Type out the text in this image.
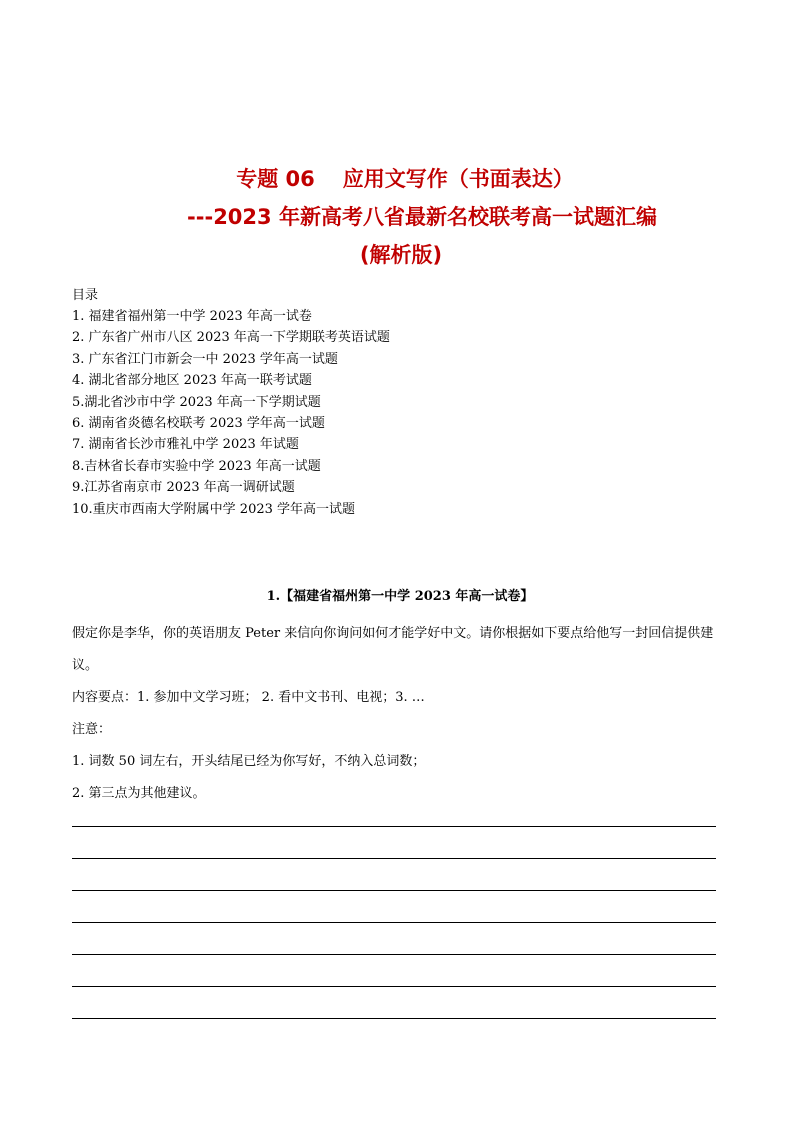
专题 06 应用文写作（书面表达）
---2023 年新高考八省最新名校联考高一试题汇编
(解析版)
目录
1. 福建省福州第一中学 2023 年高一试卷
2. 广东省广州市八区 2023 年高一下学期联考英语试题
3. 广东省江门市新会一中 2023 学年高一试题
4. 湖北省部分地区 2023 年高一联考试题
5.湖北省沙市中学 2023 年高一下学期试题
6. 湖南省炎德名校联考 2023 学年高一试题
7. 湖南省长沙市雅礼中学 2023 年试题
8.吉林省长春市实验中学 2023 年高一试题
9.江苏省南京市 2023 年高一调研试题
10.重庆市西南大学附属中学 2023 学年高一试题
1.【福建省福州第一中学 2023 年高一试卷】

假定你是李华，你的英语朋友 Peter 来信向你询问如何才能学好中文。请你根据如下要点给他写一封回信提供建议。

内容要点：1. 参加中文学习班； 2. 看中文书刊、电视；3. …

注意：

1. 词数 50 词左右，开头结尾已经为你写好，不纳入总词数；

2. 第三点为其他建议。
